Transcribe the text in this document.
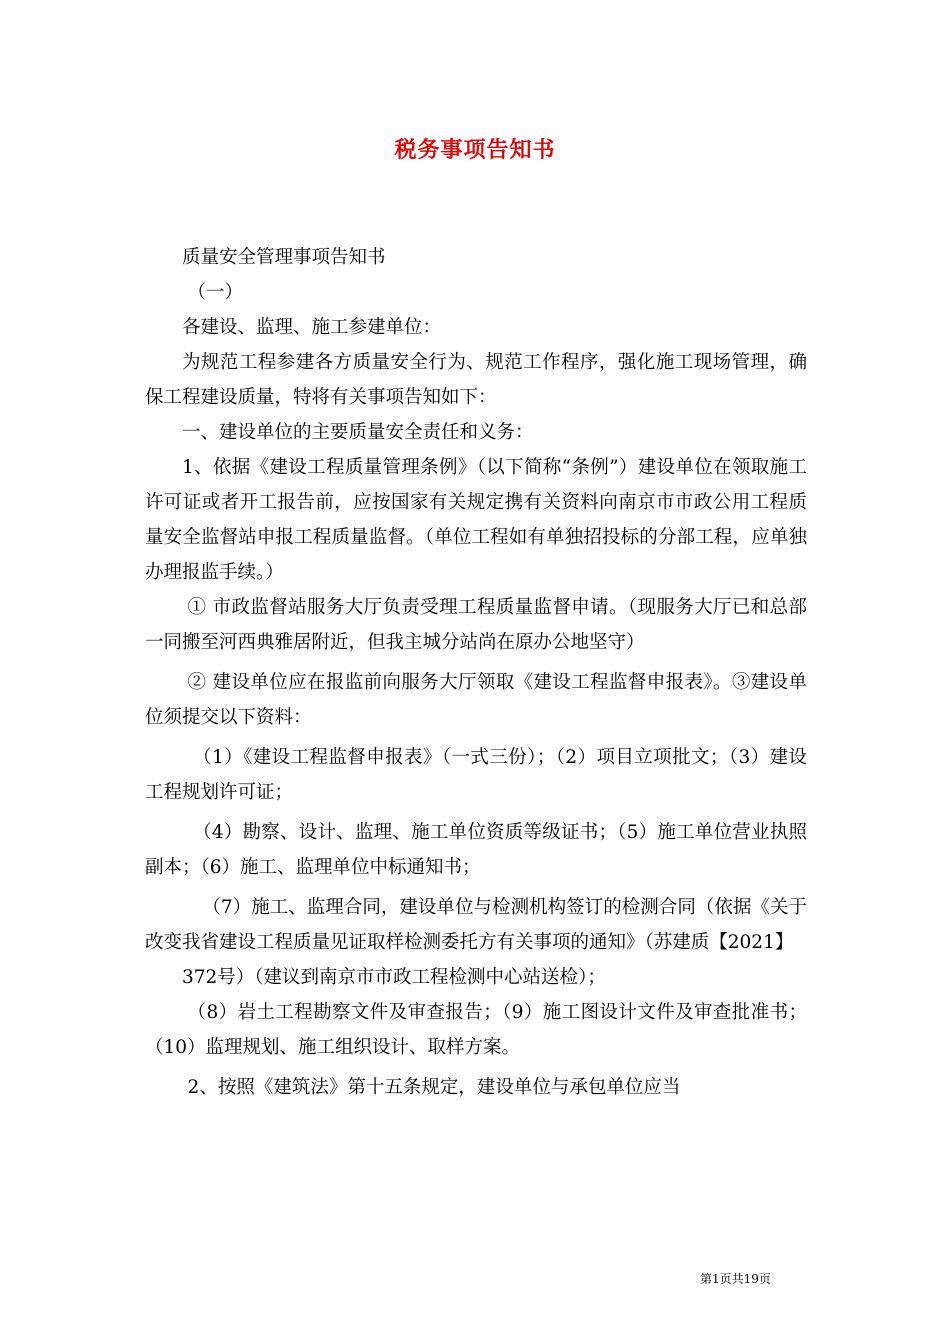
税务事项告知书

质量安全管理事项告知书

（一）

各建设、监理、施工参建单位：

为规范工程参建各方质量安全行为、规范工作程序，强化施工现场管理，确保工程建设质量，特将有关事项告知如下：

一、建设单位的主要质量安全责任和义务：

1、依据《建设工程质量管理条例》（以下简称“条例”）建设单位在领取施工许可证或者开工报告前，应按国家有关规定携有关资料向南京市市政公用工程质量安全监督站申报工程质量监督。（单位工程如有单独招投标的分部工程，应单独办理报监手续。）

① 市政监督站服务大厅负责受理工程质量监督申请。（现服务大厅已和总部一同搬至河西典雅居附近，但我主城分站尚在原办公地坚守）

② 建设单位应在报监前向服务大厅领取《建设工程监督申报表》。③建设单位须提交以下资料：

（1）《建设工程监督申报表》（一式三份）；（2）项目立项批文；（3）建设工程规划许可证；

（4）勘察、设计、监理、施工单位资质等级证书；（5）施工单位营业执照副本；（6）施工、监理单位中标通知书；

（7）施工、监理合同，建设单位与检测机构签订的检测合同（依据《关于改变我省建设工程质量见证取样检测委托方有关事项的通知》（苏建质【2021】

372号）（建议到南京市市政工程检测中心站送检）；

（8）岩土工程勘察文件及审查报告；（9）施工图设计文件及审查批准书；（10）监理规划、施工组织设计、取样方案。

2、按照《建筑法》第十五条规定，建设单位与承包单位应当

第1页共19页
